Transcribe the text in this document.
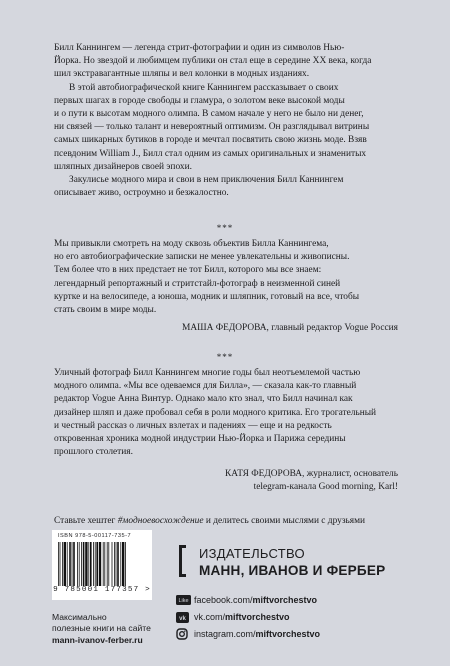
Билл Каннингем — легенда стрит-фотографии и один из символов Нью-
Йорка. Но звездой и любимцем публики он стал еще в середине XX века, когда
шил экстравагантные шляпы и вел колонки в модных изданиях.
В этой автобиографической книге Каннингем рассказывает о своих
первых шагах в городе свободы и гламура, о золотом веке высокой моды
и о пути к высотам модного олимпа. В самом начале у него не было ни денег,
ни связей — только талант и невероятный оптимизм. Он разглядывал витрины
самых шикарных бутиков в городе и мечтал посвятить свою жизнь моде. Взяв
псевдоним William J., Билл стал одним из самых оригинальных и знаменитых
шляпных дизайнеров своей эпохи.
Закулисье модного мира и свои в нем приключения Билл Каннингем
описывает живо, остроумно и безжалостно.
***
Мы привыкли смотреть на моду сквозь объектив Билла Каннингема,
но его автобиографические записки не менее увлекательны и живописны.
Тем более что в них предстает не тот Билл, которого мы все знаем:
легендарный репортажный и стритстайл-фотограф в неизменной синей
куртке и на велосипеде, а юноша, модник и шляпник, готовый на все, чтобы
стать своим в мире моды.
МАША ФЕДОРОВА, главный редактор Vogue Россия
***
Уличный фотограф Билл Каннингем многие годы был неотъемлемой частью
модного олимпа. «Мы все одеваемся для Билла», — сказала как-то главный
редактор Vogue Анна Винтур. Однако мало кто знал, что Билл начинал как
дизайнер шляп и даже пробовал себя в роли модного критика. Его трогательный
и честный рассказ о личных взлетах и падениях — еще и на редкость
откровенная хроника модной индустрии Нью-Йорка и Парижа середины
прошлого столетия.
КАТЯ ФЕДОРОВА, журналист, основатель
telegram-канала Good morning, Karl!
Ставьте хештег #модноевосхождение и делитесь своими мыслями с друзьями
ISBN 978-5-00117-735-7
9 785001 177357 >
ИЗДАТЕЛЬСТВО
МАНН, ИВАНОВ И ФЕРБЕР
Like facebook.com/ miftvorchestvo
vk vk.com/ miftvorchestvo
instagram.com/ miftvorchestvo
Максимально
полезные книги на сайте
mann-ivanov-ferber.ru
